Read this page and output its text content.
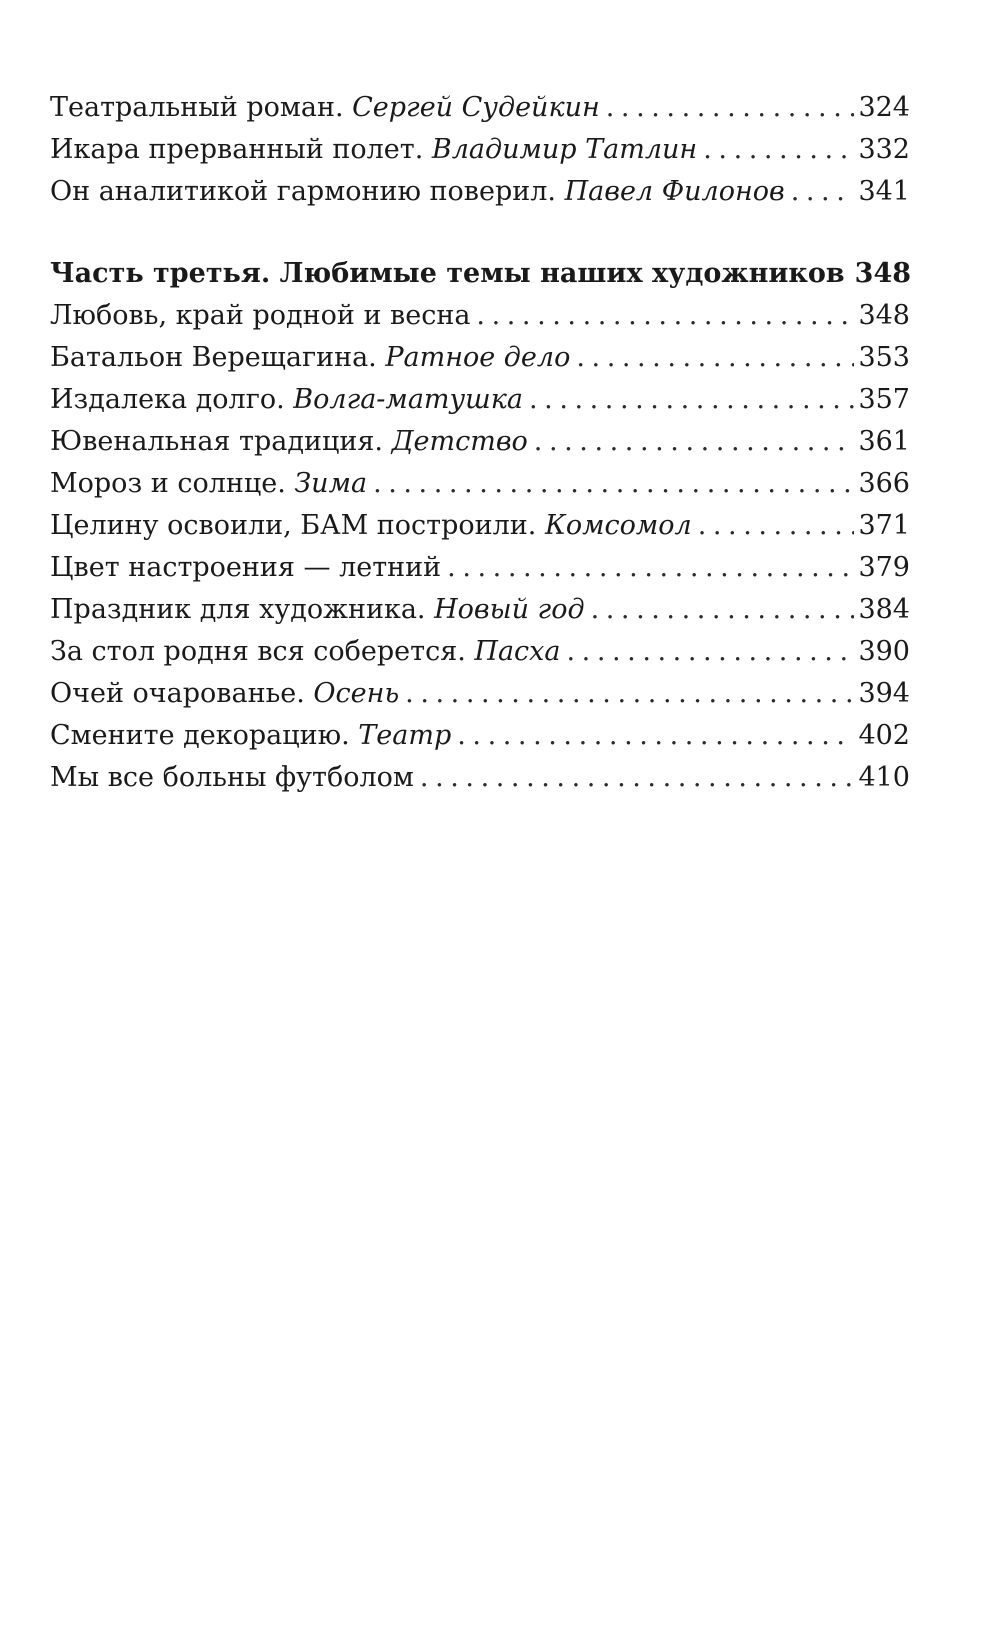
Театральный роман. Сергей Судейкин . . .	324
Икара прерванный полет. Владимир Татлин . . .	332
Он аналитикой гармонию поверил. Павел Филонов . . .	341
Часть третья. Любимые темы наших художников 348
Любовь, край родной и весна . . .	348
Батальон Верещагина. Ратное дело . . .	353
Издалека долго. Волга-матушка . . .	357
Ювенальная традиция. Детство . . .	361
Мороз и солнце. Зима . . .	366
Целину освоили, БАМ построили. Комсомол . . .	371
Цвет настроения — летний . . .	379
Праздник для художника. Новый год . . .	384
За стол родня вся соберется. Пасха . . .	390
Очей очарованье. Осень . . .	394
Смените декорацию. Театр . . .	402
Мы все больны футболом . . .	410
